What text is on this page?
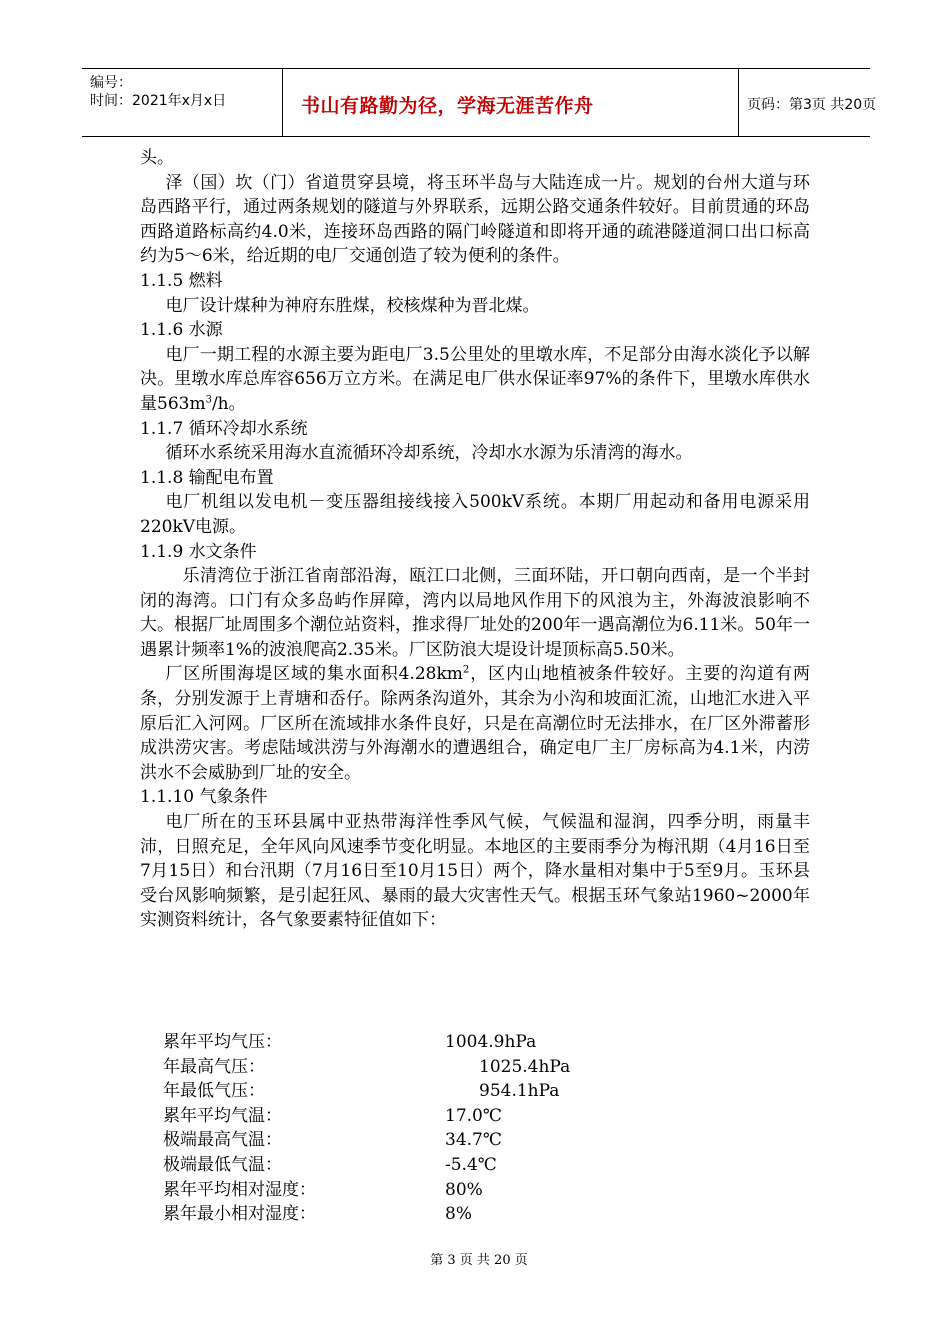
编号：
时间：2021年x月x日	书山有路勤为径，学海无涯苦作舟	页码：第3页 共20页

头。

泽（国）坎（门）省道贯穿县境，将玉环半岛与大陆连成一片。规划的台州大道与环岛西路平行，通过两条规划的隧道与外界联系，远期公路交通条件较好。目前贯通的环岛西路道路标高约4.0米，连接环岛西路的隔门岭隧道和即将开通的疏港隧道洞口出口标高约为5～6米，给近期的电厂交通创造了较为便利的条件。

1.1.5 燃料

电厂设计煤种为神府东胜煤，校核煤种为晋北煤。

1.1.6 水源

电厂一期工程的水源主要为距电厂3.5公里处的里墩水库，不足部分由海水淡化予以解决。里墩水库总库容656万立方米。在满足电厂供水保证率97%的条件下，里墩水库供水量$563m^3/h$。

1.1.7 循环冷却水系统

循环水系统采用海水直流循环冷却系统，冷却水水源为乐清湾的海水。

1.1.8 输配电布置

电厂机组以发电机－变压器组接线接入500kV系统。本期厂用起动和备用电源采用220kV电源。

1.1.9 水文条件

乐清湾位于浙江省南部沿海，瓯江口北侧，三面环陆，开口朝向西南，是一个半封闭的海湾。口门有众多岛屿作屏障，湾内以局地风作用下的风浪为主，外海波浪影响不大。根据厂址周围多个潮位站资料，推求得厂址处的200年一遇高潮位为6.11米。50年一遇累计频率1%的波浪爬高2.35米。厂区防浪大堤设计堤顶标高5.50米。

厂区所围海堤区域的集水面积$4.28km^2$，区内山地植被条件较好。主要的沟道有两条，分别发源于上青塘和岙仔。除两条沟道外，其余为小沟和坡面汇流，山地汇水进入平原后汇入河网。厂区所在流域排水条件良好，只是在高潮位时无法排水，在厂区外滞蓄形成洪涝灾害。考虑陆域洪涝与外海潮水的遭遇组合，确定电厂主厂房标高为4.1米，内涝洪水不会威胁到厂址的安全。

1.1.10 气象条件

电厂所在的玉环县属中亚热带海洋性季风气候，气候温和湿润，四季分明，雨量丰沛，日照充足，全年风向风速季节变化明显。本地区的主要雨季分为梅汛期（4月16日至7月15日）和台汛期（7月16日至10月15日）两个，降水量相对集中于5至9月。玉环县受台风影响频繁，是引起狂风、暴雨的最大灾害性天气。根据玉环气象站1960~2000年实测资料统计，各气象要素特征值如下：

累年平均气压：	1004.9hPa
年最高气压：	1025.4hPa
年最低气压：	954.1hPa
累年平均气温：	17.0℃
极端最高气温：	34.7℃
极端最低气温：	-5.4℃
累年平均相对湿度：	80%
累年最小相对湿度：	8%
第 3 页 共 20 页
